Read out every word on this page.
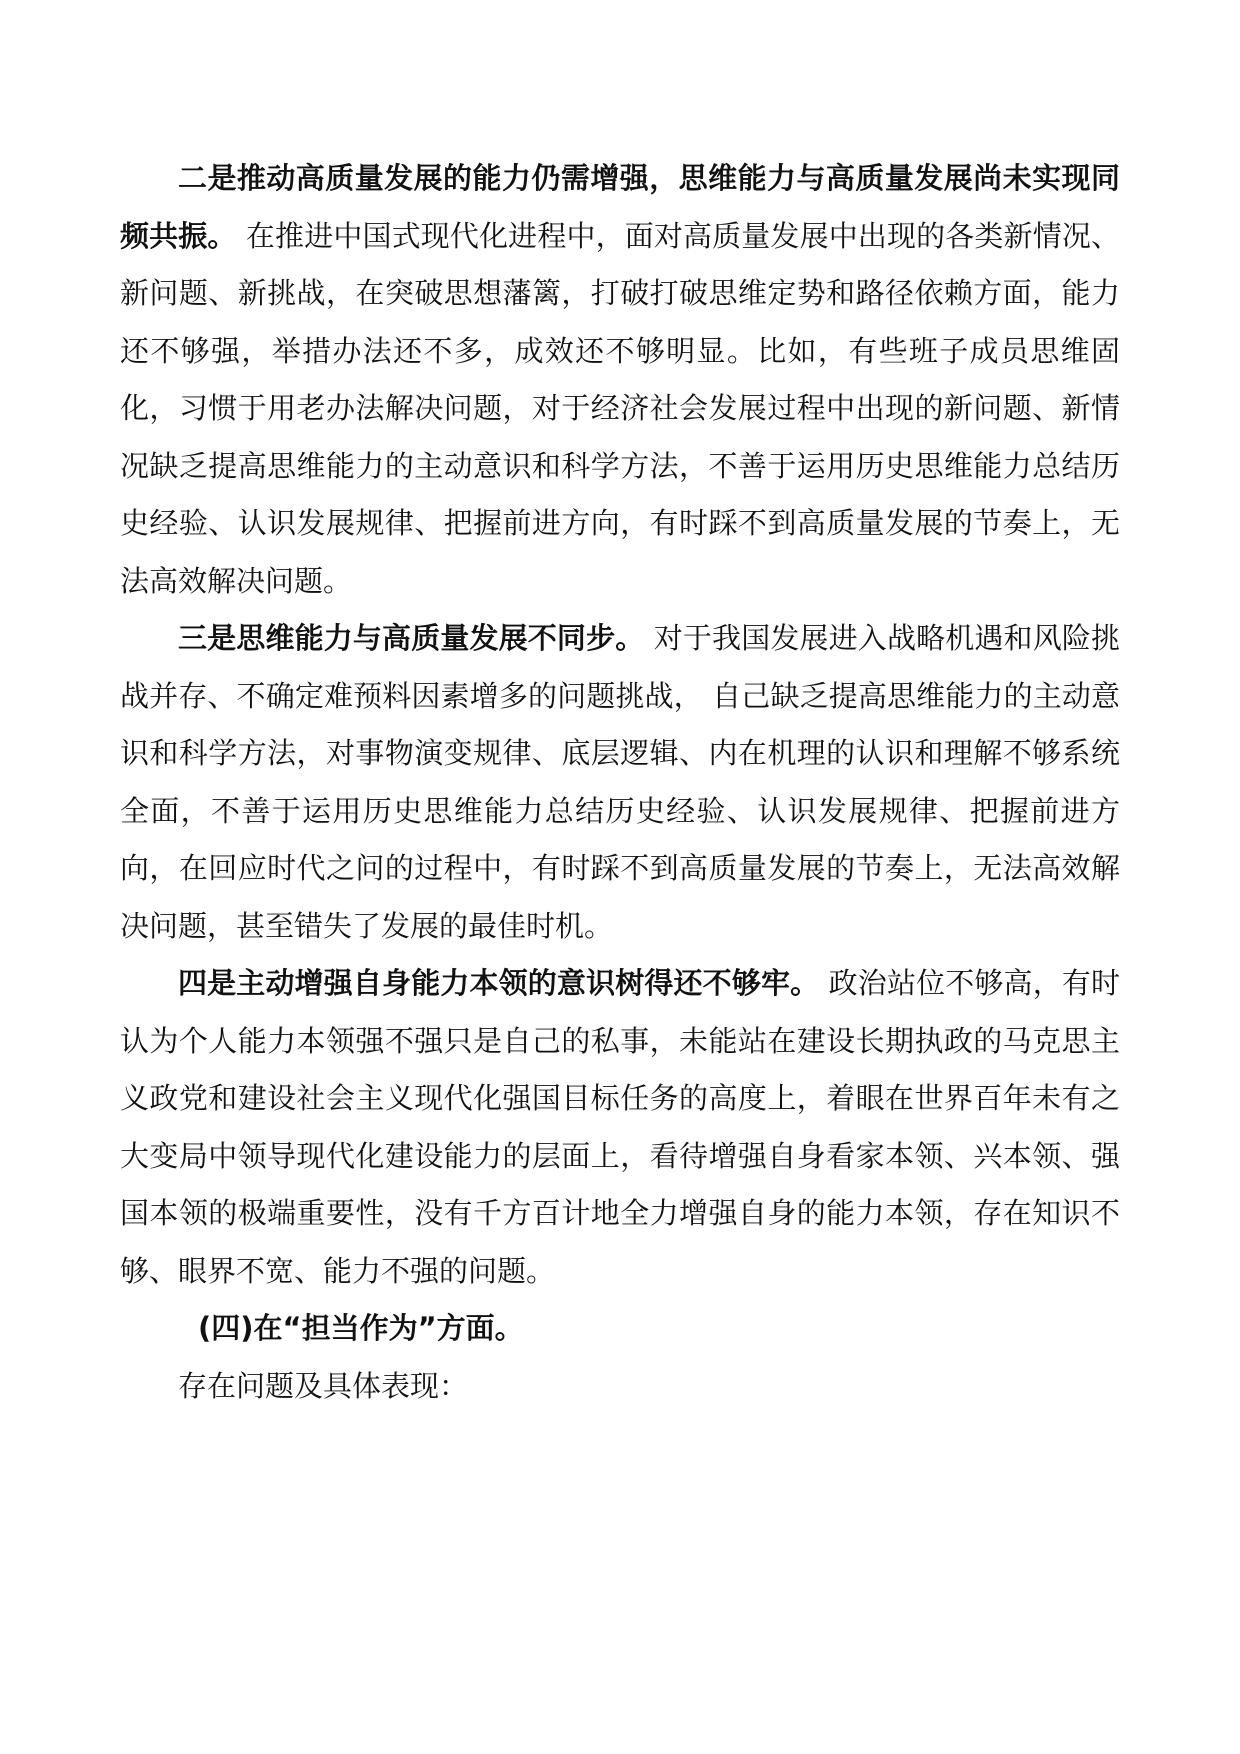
二是推动高质量发展的能力仍需增强，思维能力与高质量发展尚未实现同频共振。 在推进中国式现代化进程中，面对高质量发展中出现的各类新情况、新问题、新挑战，在突破思想藩篱，打破打破思维定势和路径依赖方面，能力还不够强，举措办法还不多，成效还不够明显。比如，有些班子成员思维固化，习惯于用老办法解决问题，对于经济社会发展过程中出现的新问题、新情况缺乏提高思维能力的主动意识和科学方法，不善于运用历史思维能力总结历史经验、认识发展规律、把握前进方向，有时踩不到高质量发展的节奏上，无法高效解决问题。

三是思维能力与高质量发展不同步。 对于我国发展进入战略机遇和风险挑战并存、不确定难预料因素增多的问题挑战， 自己缺乏提高思维能力的主动意识和科学方法，对事物演变规律、底层逻辑、内在机理的认识和理解不够系统全面，不善于运用历史思维能力总结历史经验、认识发展规律、把握前进方向，在回应时代之问的过程中，有时踩不到高质量发展的节奏上，无法高效解决问题，甚至错失了发展的最佳时机。

四是主动增强自身能力本领的意识树得还不够牢。 政治站位不够高，有时认为个人能力本领强不强只是自己的私事，未能站在建设长期执政的马克思主义政党和建设社会主义现代化强国目标任务的高度上，着眼在世界百年未有之大变局中领导现代化建设能力的层面上，看待增强自身看家本领、兴本领、强国本领的极端重要性，没有千方百计地全力增强自身的能力本领，存在知识不够、眼界不宽、能力不强的问题。

(四)在“担当作为”方面。

存在问题及具体表现：
